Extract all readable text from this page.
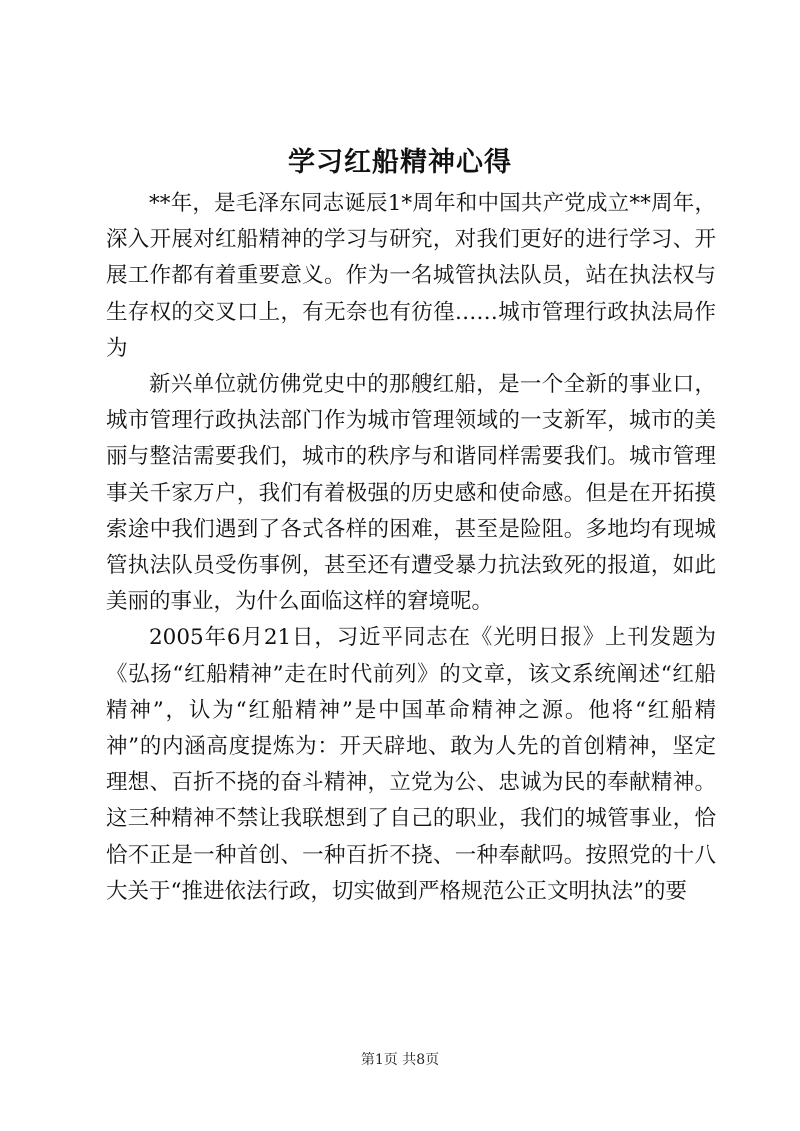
学习红船精神心得

**年，是毛泽东同志诞辰1*周年和中国共产党成立**周年，深入开展对红船精神的学习与研究，对我们更好的进行学习、开展工作都有着重要意义。作为一名城管执法队员，站在执法权与生存权的交叉口上，有无奈也有彷徨……城市管理行政执法局作为

新兴单位就仿佛党史中的那艘红船，是一个全新的事业口，城市管理行政执法部门作为城市管理领域的一支新军，城市的美丽与整洁需要我们，城市的秩序与和谐同样需要我们。城市管理事关千家万户，我们有着极强的历史感和使命感。但是在开拓摸索途中我们遇到了各式各样的困难，甚至是险阻。多地均有现城管执法队员受伤事例，甚至还有遭受暴力抗法致死的报道，如此美丽的事业，为什么面临这样的窘境呢。

2005年6月21日，习近平同志在《光明日报》上刊发题为《弘扬“红船精神”走在时代前列》的文章，该文系统阐述“红船精神”，认为“红船精神”是中国革命精神之源。他将“红船精神”的内涵高度提炼为：开天辟地、敢为人先的首创精神，坚定理想、百折不挠的奋斗精神，立党为公、忠诚为民的奉献精神。这三种精神不禁让我联想到了自己的职业，我们的城管事业，恰恰不正是一种首创、一种百折不挠、一种奉献吗。按照党的十八大关于“推进依法行政，切实做到严格规范公正文明执法”的要

第1页 共8页
